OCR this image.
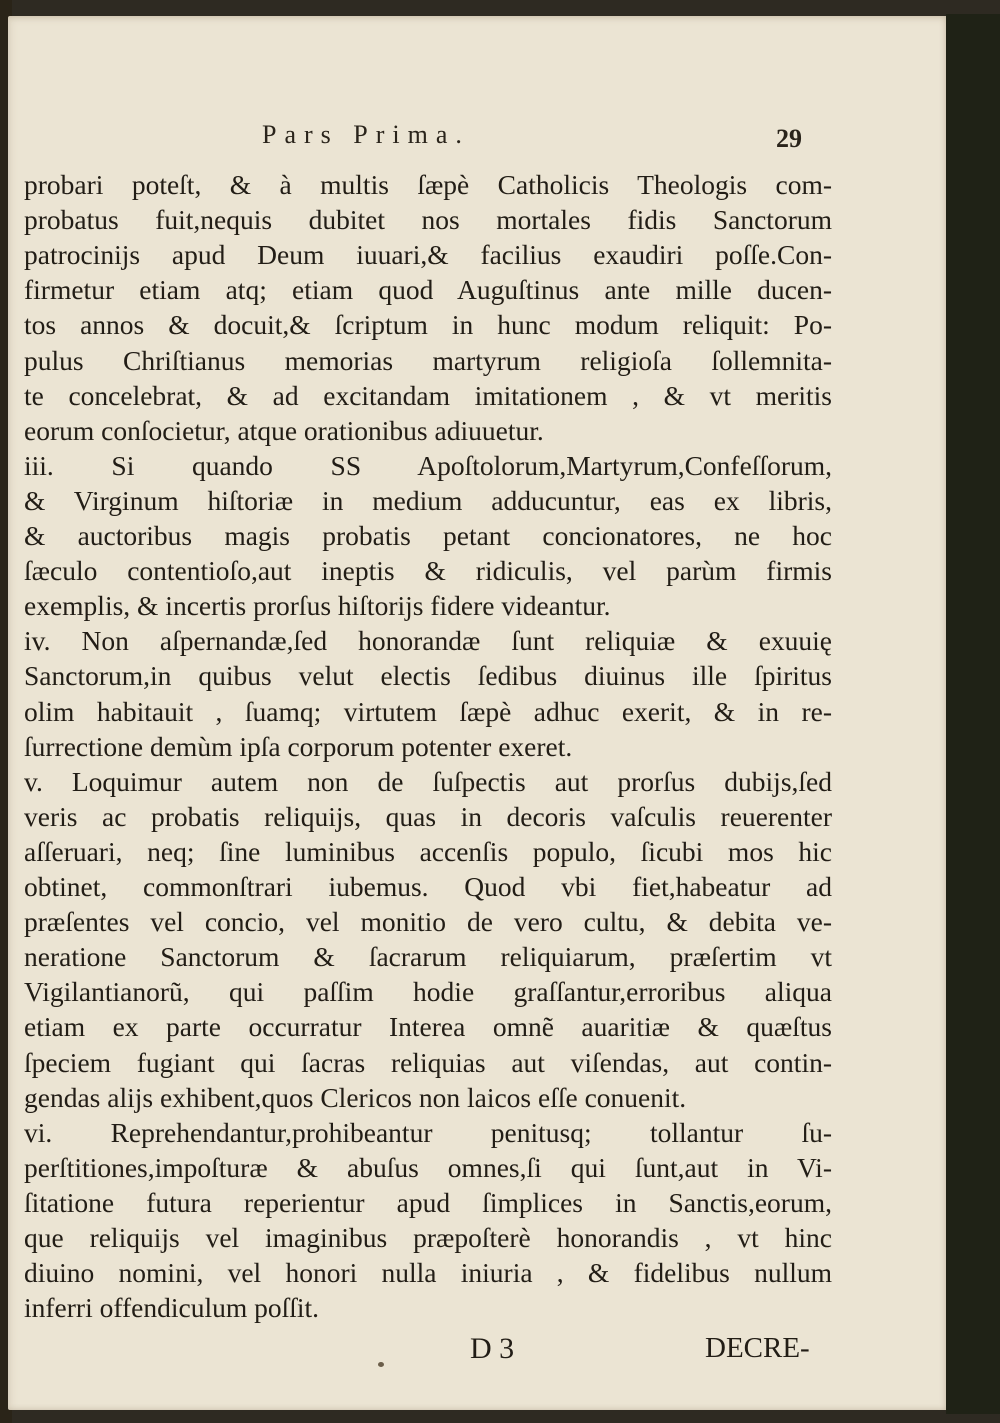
Pars Prima.	29
probari poteſt, & à multis ſæpè Catholicis Theologis com-
probatus fuit,nequis dubitet nos mortales fidis Sanctorum
patrocinijs apud Deum iuuari,& facilius exaudiri poſſe.Con-
firmetur etiam atq; etiam quod Auguſtinus ante mille ducen-
tos annos & docuit,& ſcriptum in hunc modum reliquit: Po-
pulus Chriſtianus memorias martyrum religioſa ſollemnita-
te concelebrat, & ad excitandam imitationem , & vt meritis
eorum conſocietur, atque orationibus adiuuetur.
iii. Si quando SS Apoſtolorum,Martyrum,Confeſſorum,
& Virginum hiſtoriæ in medium adducuntur, eas ex libris,
& auctoribus magis probatis petant concionatores, ne hoc
ſæculo contentioſo,aut ineptis & ridiculis, vel parùm firmis
exemplis, & incertis prorſus hiſtorijs fidere videantur.
iv. Non aſpernandæ,ſed honorandæ ſunt reliquiæ & exuuię
Sanctorum,in quibus velut electis ſedibus diuinus ille ſpiritus
olim habitauit , ſuamq; virtutem ſæpè adhuc exerit, & in re-
ſurrectione demùm ipſa corporum potenter exeret.
v. Loquimur autem non de ſuſpectis aut prorſus dubijs,ſed
veris ac probatis reliquijs, quas in decoris vaſculis reuerenter
aſſeruari, neq; ſine luminibus accenſis populo, ſicubi mos hic
obtinet, commonſtrari iubemus. Quod vbi fiet,habeatur ad
præſentes vel concio, vel monitio de vero cultu, & debita ve-
neratione Sanctorum & ſacrarum reliquiarum, præſertim vt
Vigilantianorũ, qui paſſim hodie graſſantur,erroribus aliqua
etiam ex parte occurratur Interea omnẽ auaritiæ & quæſtus
ſpeciem fugiant qui ſacras reliquias aut viſendas, aut contin-
gendas alijs exhibent,quos Clericos non laicos eſſe conuenit.
vi. Reprehendantur,prohibeantur penitusq; tollantur ſu-
perſtitiones,impoſturæ & abuſus omnes,ſi qui ſunt,aut in Vi-
ſitatione futura reperientur apud ſimplices in Sanctis,eorum,
que reliquijs vel imaginibus præpoſterè honorandis , vt hinc
diuino nomini, vel honori nulla iniuria , & fidelibus nullum
inferri offendiculum poſſit.
D 3	DECRE-
